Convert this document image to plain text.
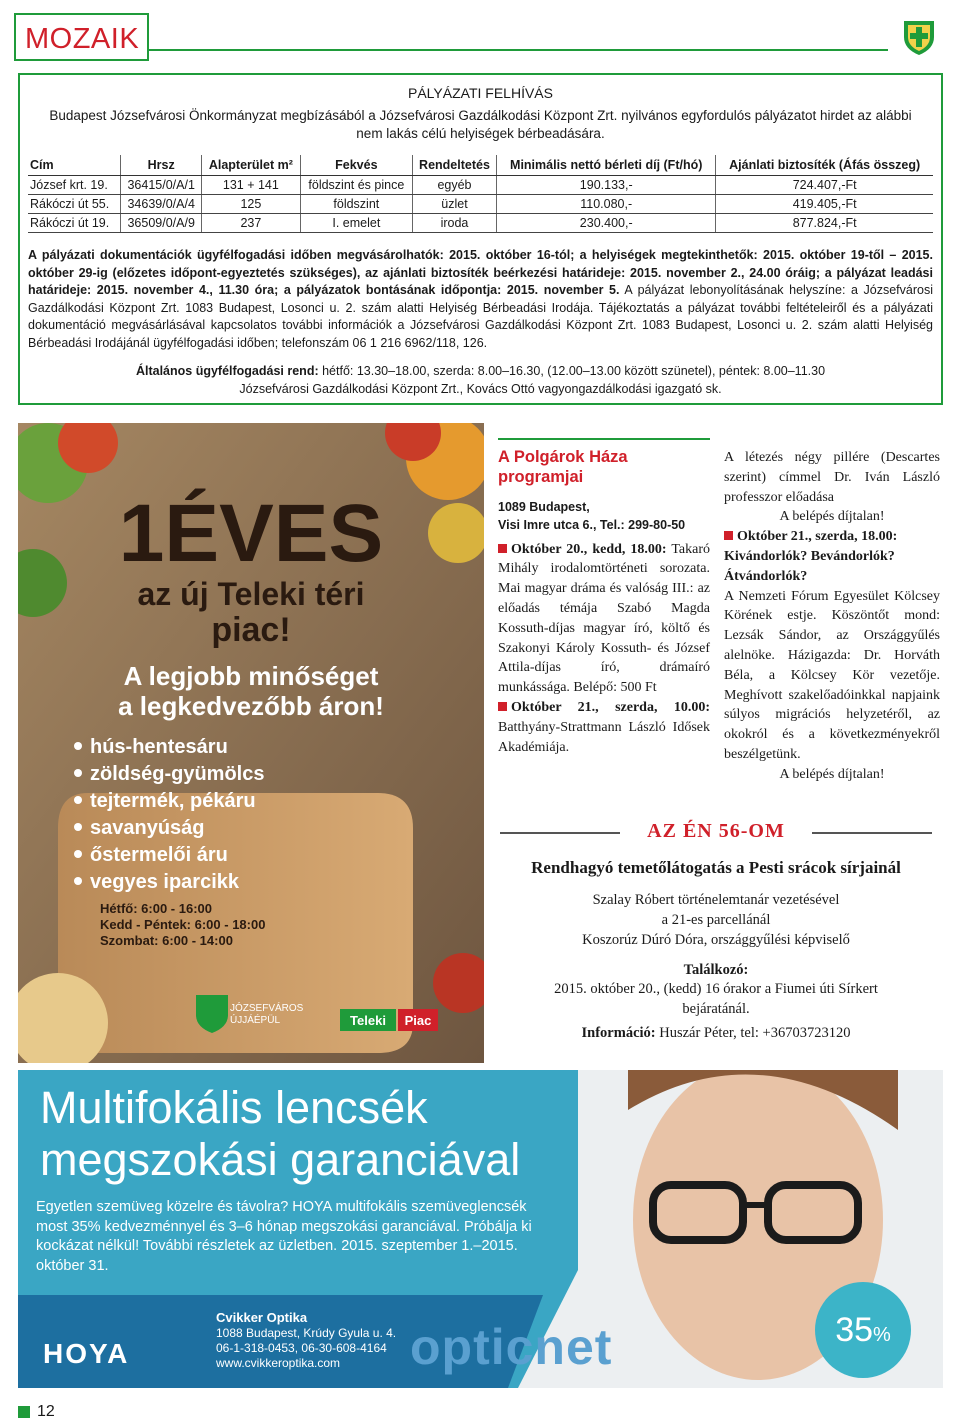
MOZAIK
PÁLYÁZATI FELHÍVÁS
Budapest Józsefvárosi Önkormányzat megbízásából a Józsefvárosi Gazdálkodási Központ Zrt. nyilvános egyfordulós pályázatot hirdet az alábbi
nem lakás célú helyiségek bérbeadására.
Cím	Hrsz	Alapterület m²	Fekvés	Rendeltetés	Minimális nettó bérleti díj (Ft/hó)	Ajánlati biztosíték (Áfás összeg)
József krt. 19.	36415/0/A/1	131 + 141	földszint és pince	egyéb	190.133,-	724.407,-Ft
Rákóczi út 55.	34639/0/A/4	125	földszint	üzlet	110.080,-	419.405,-Ft
Rákóczi út 19.	36509/0/A/9	237	I. emelet	iroda	230.400,-	877.824,-Ft
A pályázati dokumentációk ügyfélfogadási időben megvásárolhatók: 2015. október 16-tól; a helyiségek megtekinthetők: 2015. október 19-től – 2015. október 29-ig (előzetes időpont-egyeztetés szükséges), az ajánlati biztosíték beérkezési határideje: 2015. november 2., 24.00 óráig; a pályázat leadási határideje: 2015. november 4., 11.30 óra; a pályázatok bontásának időpontja: 2015. november 5. A pályázat lebonyolításának helyszíne: a Józsefvárosi Gazdálkodási Központ Zrt. 1083 Budapest, Losonci u. 2. szám alatti Helyiség Bérbeadási Irodája. Tájékoztatás a pályázat további feltételeiről és a pályázati dokumentáció megvásárlásával kapcsolatos további információk a Józsefvárosi Gazdálkodási Központ Zrt. 1083 Budapest, Losonci u. 2. szám alatti Helyiség Bérbeadási Irodájánál ügyfélfogadási időben; telefonszám 06 1 216 6962/118, 126.
Általános ügyfélfogadási rend: hétfő: 13.30–18.00, szerda: 8.00–16.30, (12.00–13.00 között szünetel), péntek: 8.00–11.30
Józsefvárosi Gazdálkodási Központ Zrt., Kovács Ottó vagyongazdálkodási igazgató sk.
1ÉVES
az új Teleki téri
piac!
A legjobb minőséget
a legkedvezőbb áron!
hús-hentesáru
zöldség-gyümölcs
tejtermék, pékáru
savanyúság
őstermelői áru
vegyes iparcikk
Hétfő: 6:00 - 16:00
Kedd - Péntek: 6:00 - 18:00
Szombat: 6:00 - 14:00
JÓZSEFVÁROS
ÚJJÁÉPÜL	Teleki Piac
A Polgárok Háza programjai
1089 Budapest,
Visi Imre utca 6., Tel.: 299-80-50
Október 20., kedd, 18.00: Takaró Mihály irodalomtörténeti sorozata. Mai magyar dráma és valóság III.: az előadás témája Szabó Magda Kossuth-díjas magyar író, költő és Szakonyi Károly Kossuth- és József Attila-díjas író, drámaíró munkássága. Belépő: 500 Ft
Október 21., szerda, 10.00: Batthyány-Strattmann László Idősek Akadémiája.
A létezés négy pillére (Descartes szerint) címmel Dr. Iván László professzor előadása
A belépés díjtalan!
Október 21., szerda, 18.00: Kivándorlók? Bevándorlók? Átvándorlók?
A Nemzeti Fórum Egyesület Kölcsey Körének estje. Köszöntőt mond: Lezsák Sándor, az Országgyűlés alelnöke. Házigazda: Dr. Horváth Béla, a Kölcsey Kör vezetője. Meghívott szakelőadóinkkal napjaink súlyos migrációs helyzetéről, az okokról és a következményekről beszélgetünk.
A belépés díjtalan!
AZ ÉN 56-OM
Rendhagyó temetőlátogatás a Pesti srácok sírjainál
Szalay Róbert történelemtanár vezetésével
a 21-es parcellánál
Koszorúz Dúró Dóra, országgyűlési képviselő
Találkozó:
2015. október 20., (kedd) 16 órakor a Fiumei úti Sírkert
bejáratánál.
Információ: Huszár Péter, tel: +36703723120
Multifokális lencsék
megszokási garanciával
Egyetlen szemüveg közelre és távolra? HOYA multifokális szemüveglencsék most 35% kedvezménnyel és 3–6 hónap megszokási garanciával. Próbálja ki kockázat nélkül! További részletek az üzletben. 2015. szeptember 1.–2015. október 31.
Cvikker Optika
1088 Budapest, Krúdy Gyula u. 4.
06-1-318-0453, 06-30-608-4164
www.cvikkeroptika.com
HOYA	opticnet	35%
12
